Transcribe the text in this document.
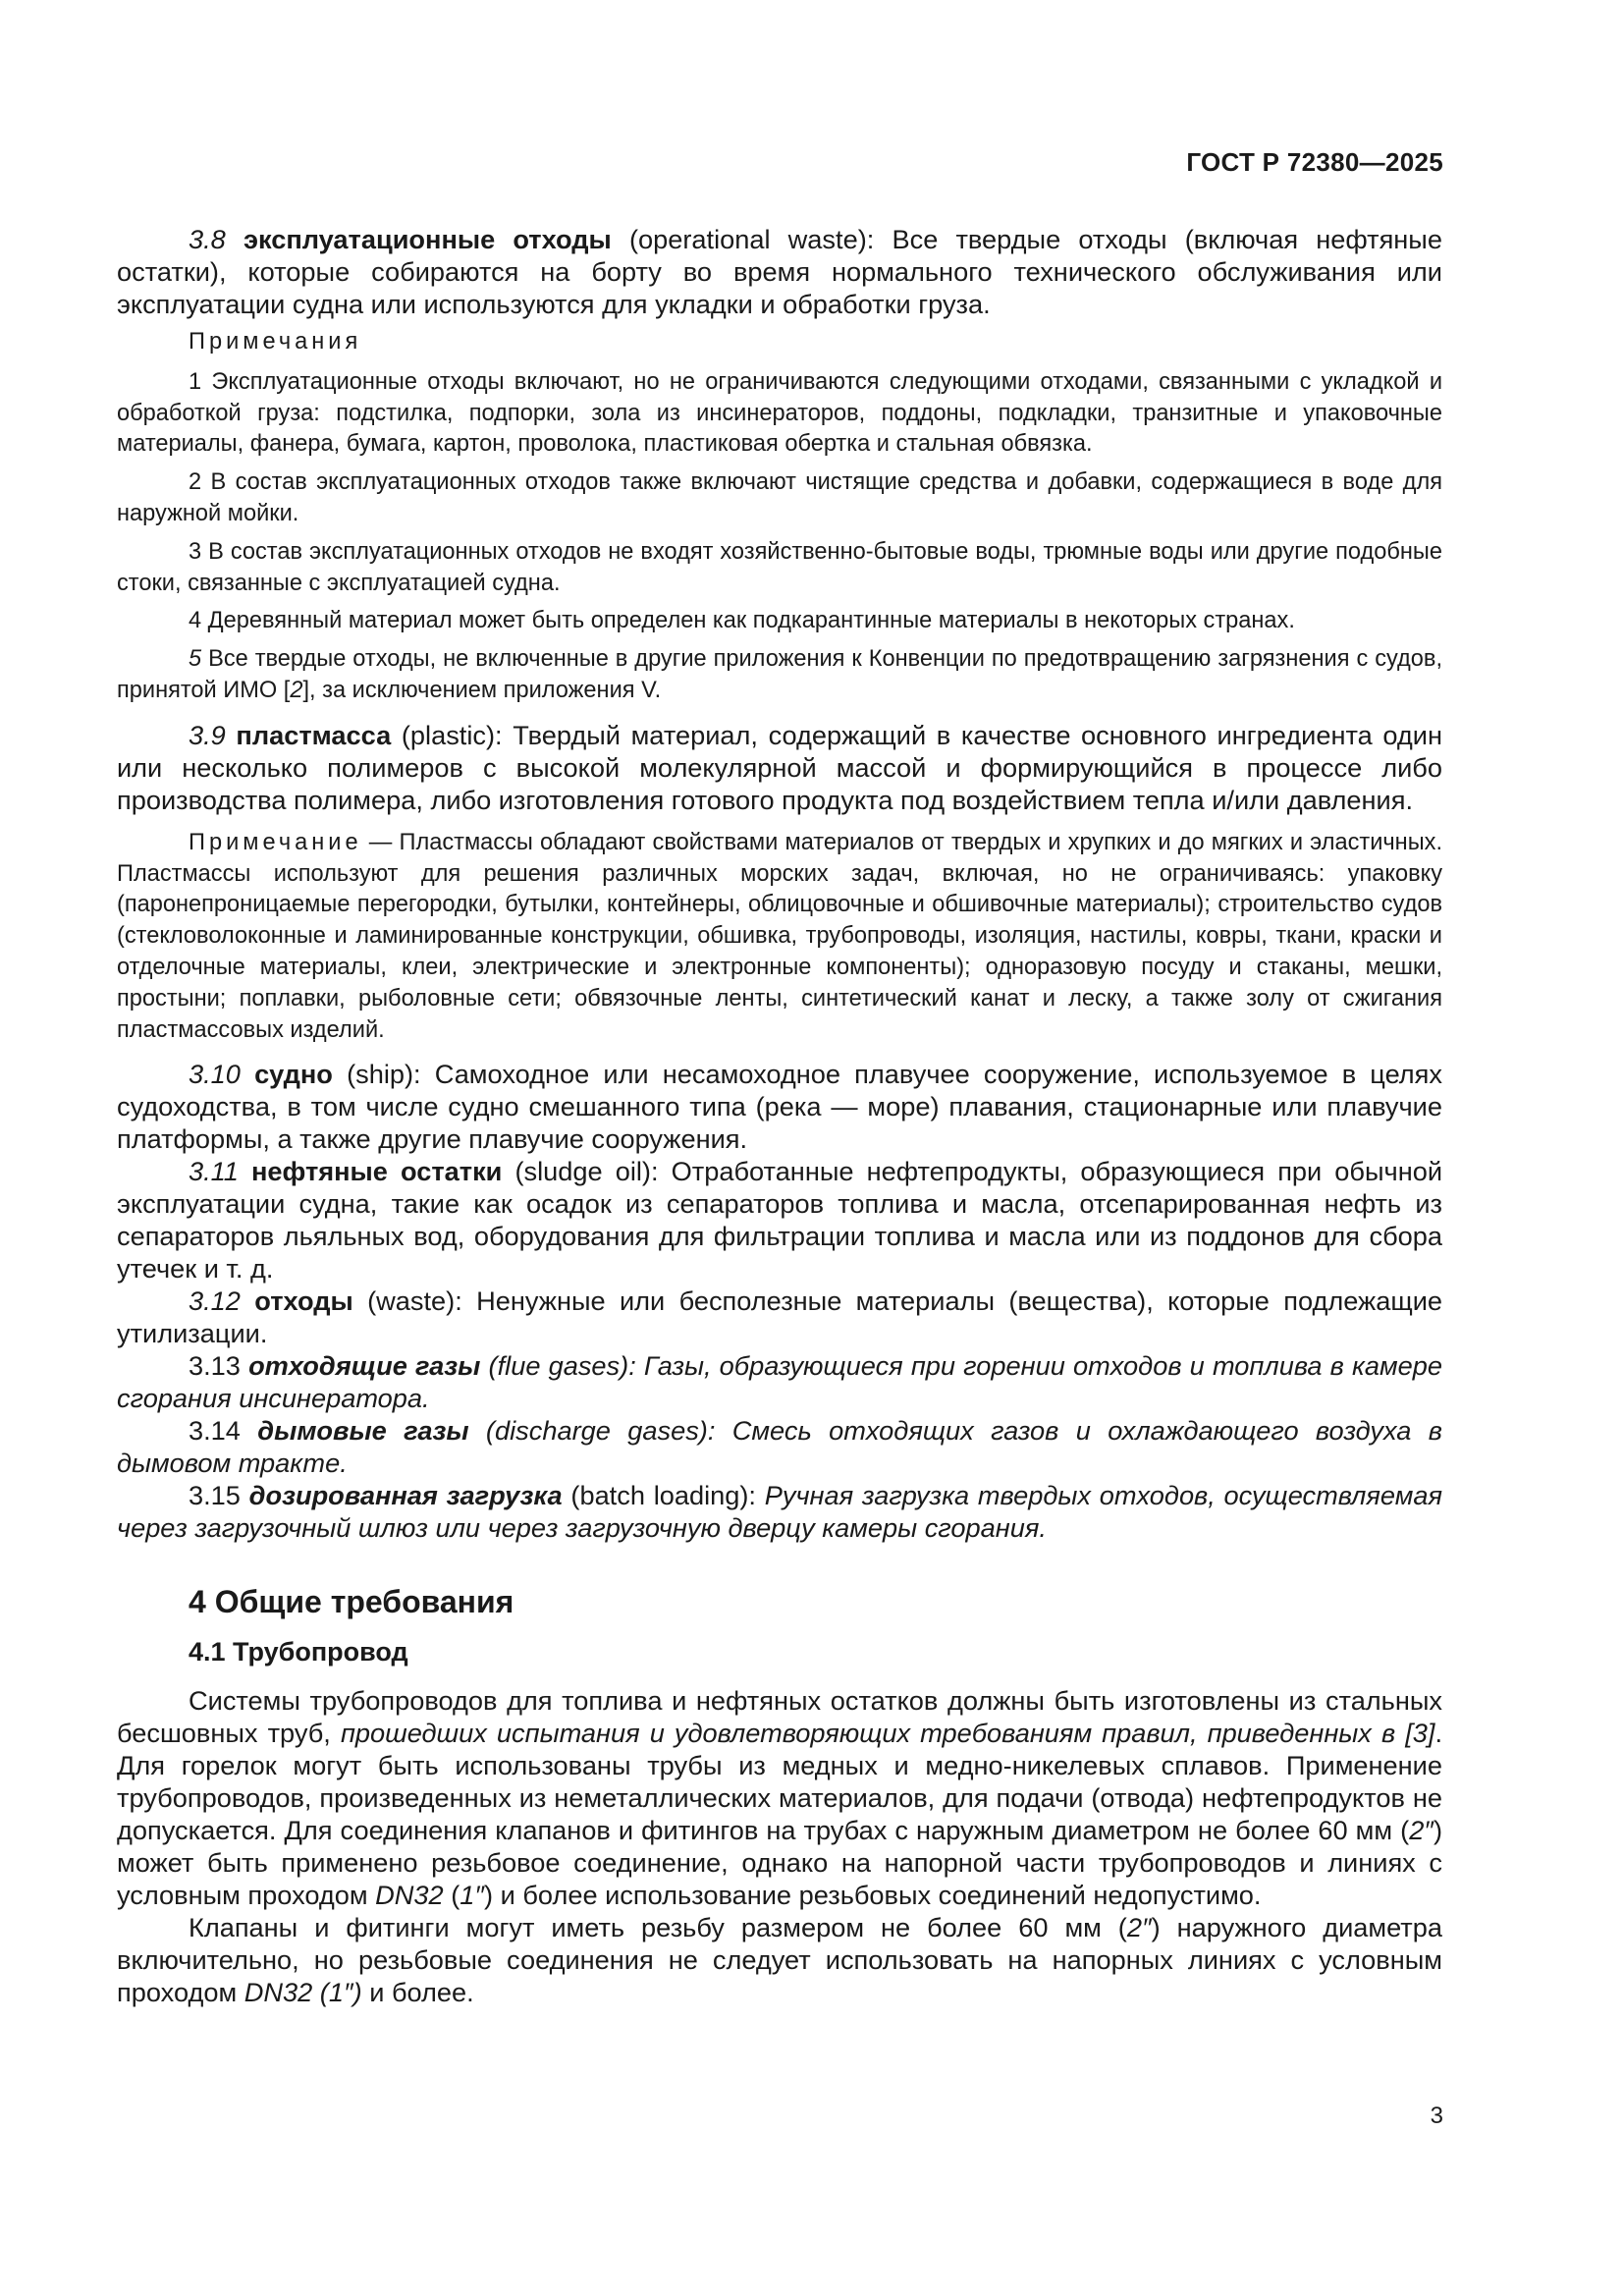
ГОСТ Р 72380—2025

3.8 эксплуатационные отходы (operational waste): Все твердые отходы (включая нефтяные остатки), которые собираются на борту во время нормального технического обслуживания или эксплуатации судна или используются для укладки и обработки груза.

Примечания

1 Эксплуатационные отходы включают, но не ограничиваются следующими отходами, связанными с укладкой и обработкой груза: подстилка, подпорки, зола из инсинераторов, поддоны, подкладки, транзитные и упаковочные материалы, фанера, бумага, картон, проволока, пластиковая обертка и стальная обвязка.

2 В состав эксплуатационных отходов также включают чистящие средства и добавки, содержащиеся в воде для наружной мойки.

3 В состав эксплуатационных отходов не входят хозяйственно-бытовые воды, трюмные воды или другие подобные стоки, связанные с эксплуатацией судна.

4 Деревянный материал может быть определен как подкарантинные материалы в некоторых странах.

5 Все твердые отходы, не включенные в другие приложения к Конвенции по предотвращению загрязнения с судов, принятой ИМО [2], за исключением приложения V.

3.9 пластмасса (plastic): Твердый материал, содержащий в качестве основного ингредиента один или несколько полимеров с высокой молекулярной массой и формирующийся в процессе либо производства полимера, либо изготовления готового продукта под воздействием тепла и/или давления.

Примечание — Пластмассы обладают свойствами материалов от твердых и хрупких и до мягких и эластичных. Пластмассы используют для решения различных морских задач, включая, но не ограничиваясь: упаковку (паронепроницаемые перегородки, бутылки, контейнеры, облицовочные и обшивочные материалы); строительство судов (стекловолоконные и ламинированные конструкции, обшивка, трубопроводы, изоляция, настилы, ковры, ткани, краски и отделочные материалы, клеи, электрические и электронные компоненты); одноразовую посуду и стаканы, мешки, простыни; поплавки, рыболовные сети; обвязочные ленты, синтетический канат и леску, а также золу от сжигания пластмассовых изделий.

3.10 судно (ship): Самоходное или несамоходное плавучее сооружение, используемое в целях судоходства, в том числе судно смешанного типа (река — море) плавания, стационарные или плавучие платформы, а также другие плавучие сооружения.

3.11 нефтяные остатки (sludge oil): Отработанные нефтепродукты, образующиеся при обычной эксплуатации судна, такие как осадок из сепараторов топлива и масла, отсепарированная нефть из сепараторов льяльных вод, оборудования для фильтрации топлива и масла или из поддонов для сбора утечек и т. д.

3.12 отходы (waste): Ненужные или бесполезные материалы (вещества), которые подлежащие утилизации.

3.13 отходящие газы (flue gases): Газы, образующиеся при горении отходов и топлива в камере сгорания инсинератора.

3.14 дымовые газы (discharge gases): Смесь отходящих газов и охлаждающего воздуха в дымовом тракте.

3.15 дозированная загрузка (batch loading): Ручная загрузка твердых отходов, осуществляемая через загрузочный шлюз или через загрузочную дверцу камеры сгорания.

4 Общие требования
4.1 Трубопровод

Системы трубопроводов для топлива и нефтяных остатков должны быть изготовлены из стальных бесшовных труб, прошедших испытания и удовлетворяющих требованиям правил, приведенных в [3]. Для горелок могут быть использованы трубы из медных и медно-никелевых сплавов. Применение трубопроводов, произведенных из неметаллических материалов, для подачи (отвода) нефтепродуктов не допускается. Для соединения клапанов и фитингов на трубах с наружным диаметром не более 60 мм (2″) может быть применено резьбовое соединение, однако на напорной части трубопроводов и линиях с условным проходом DN32 (1″) и более использование резьбовых соединений недопустимо.

Клапаны и фитинги могут иметь резьбу размером не более 60 мм (2″) наружного диаметра включительно, но резьбовые соединения не следует использовать на напорных линиях с условным проходом DN32 (1″) и более.

3
